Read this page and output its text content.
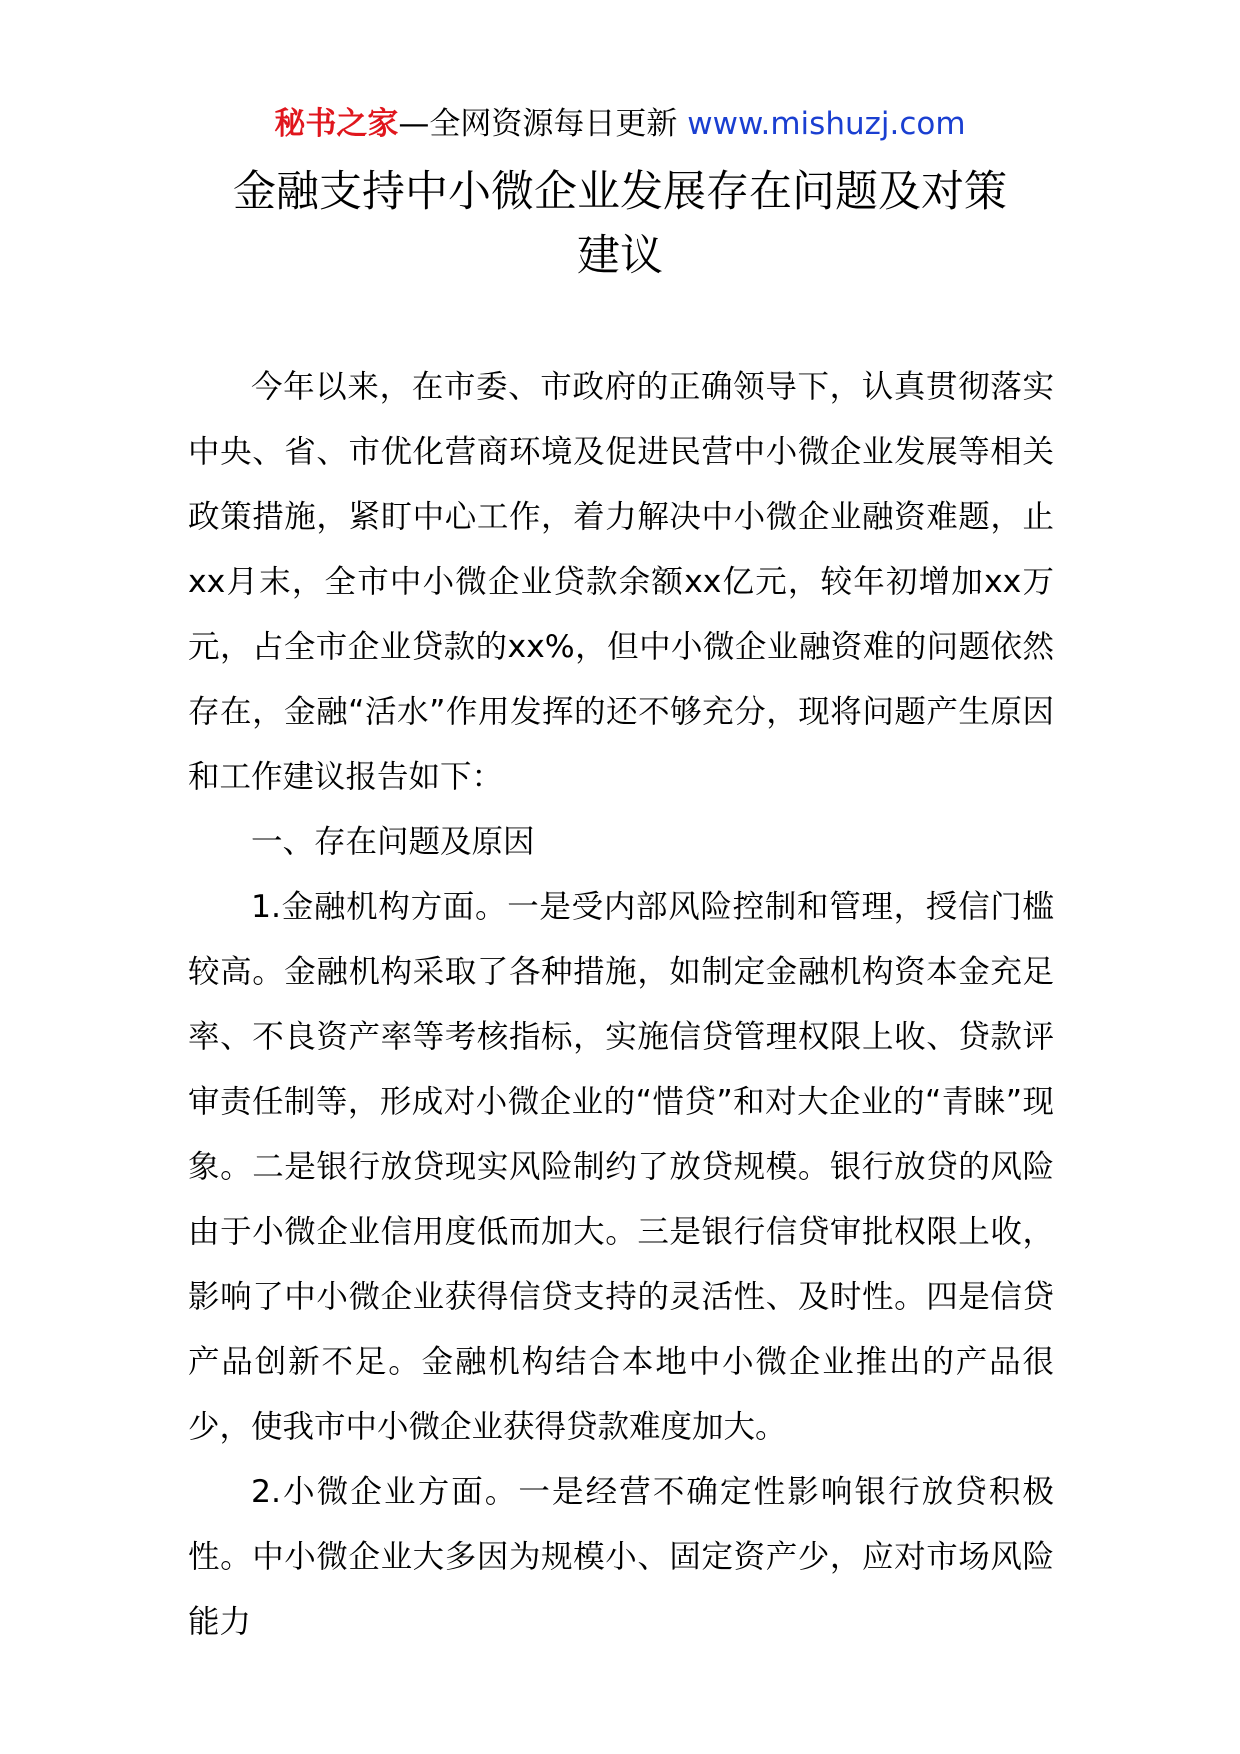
秘书之家—全网资源每日更新 www.mishuzj.com
金融支持中小微企业发展存在问题及对策
建议

今年以来，在市委、市政府的正确领导下，认真贯彻落实中央、省、市优化营商环境及促进民营中小微企业发展等相关政策措施，紧盯中心工作，着力解决中小微企业融资难题，止xx月末，全市中小微企业贷款余额xx亿元，较年初增加xx万元，占全市企业贷款的xx%，但中小微企业融资难的问题依然存在，金融“活水”作用发挥的还不够充分，现将问题产生原因和工作建议报告如下：

一、存在问题及原因

1.金融机构方面。一是受内部风险控制和管理，授信门槛较高。金融机构采取了各种措施，如制定金融机构资本金充足率、不良资产率等考核指标，实施信贷管理权限上收、贷款评审责任制等，形成对小微企业的“惜贷”和对大企业的“青睐”现象。二是银行放贷现实风险制约了放贷规模。银行放贷的风险由于小微企业信用度低而加大。三是银行信贷审批权限上收，影响了中小微企业获得信贷支持的灵活性、及时性。四是信贷产品创新不足。金融机构结合本地中小微企业推出的产品很少，使我市中小微企业获得贷款难度加大。

2.小微企业方面。一是经营不确定性影响银行放贷积极性。中小微企业大多因为规模小、固定资产少，应对市场风险能力
